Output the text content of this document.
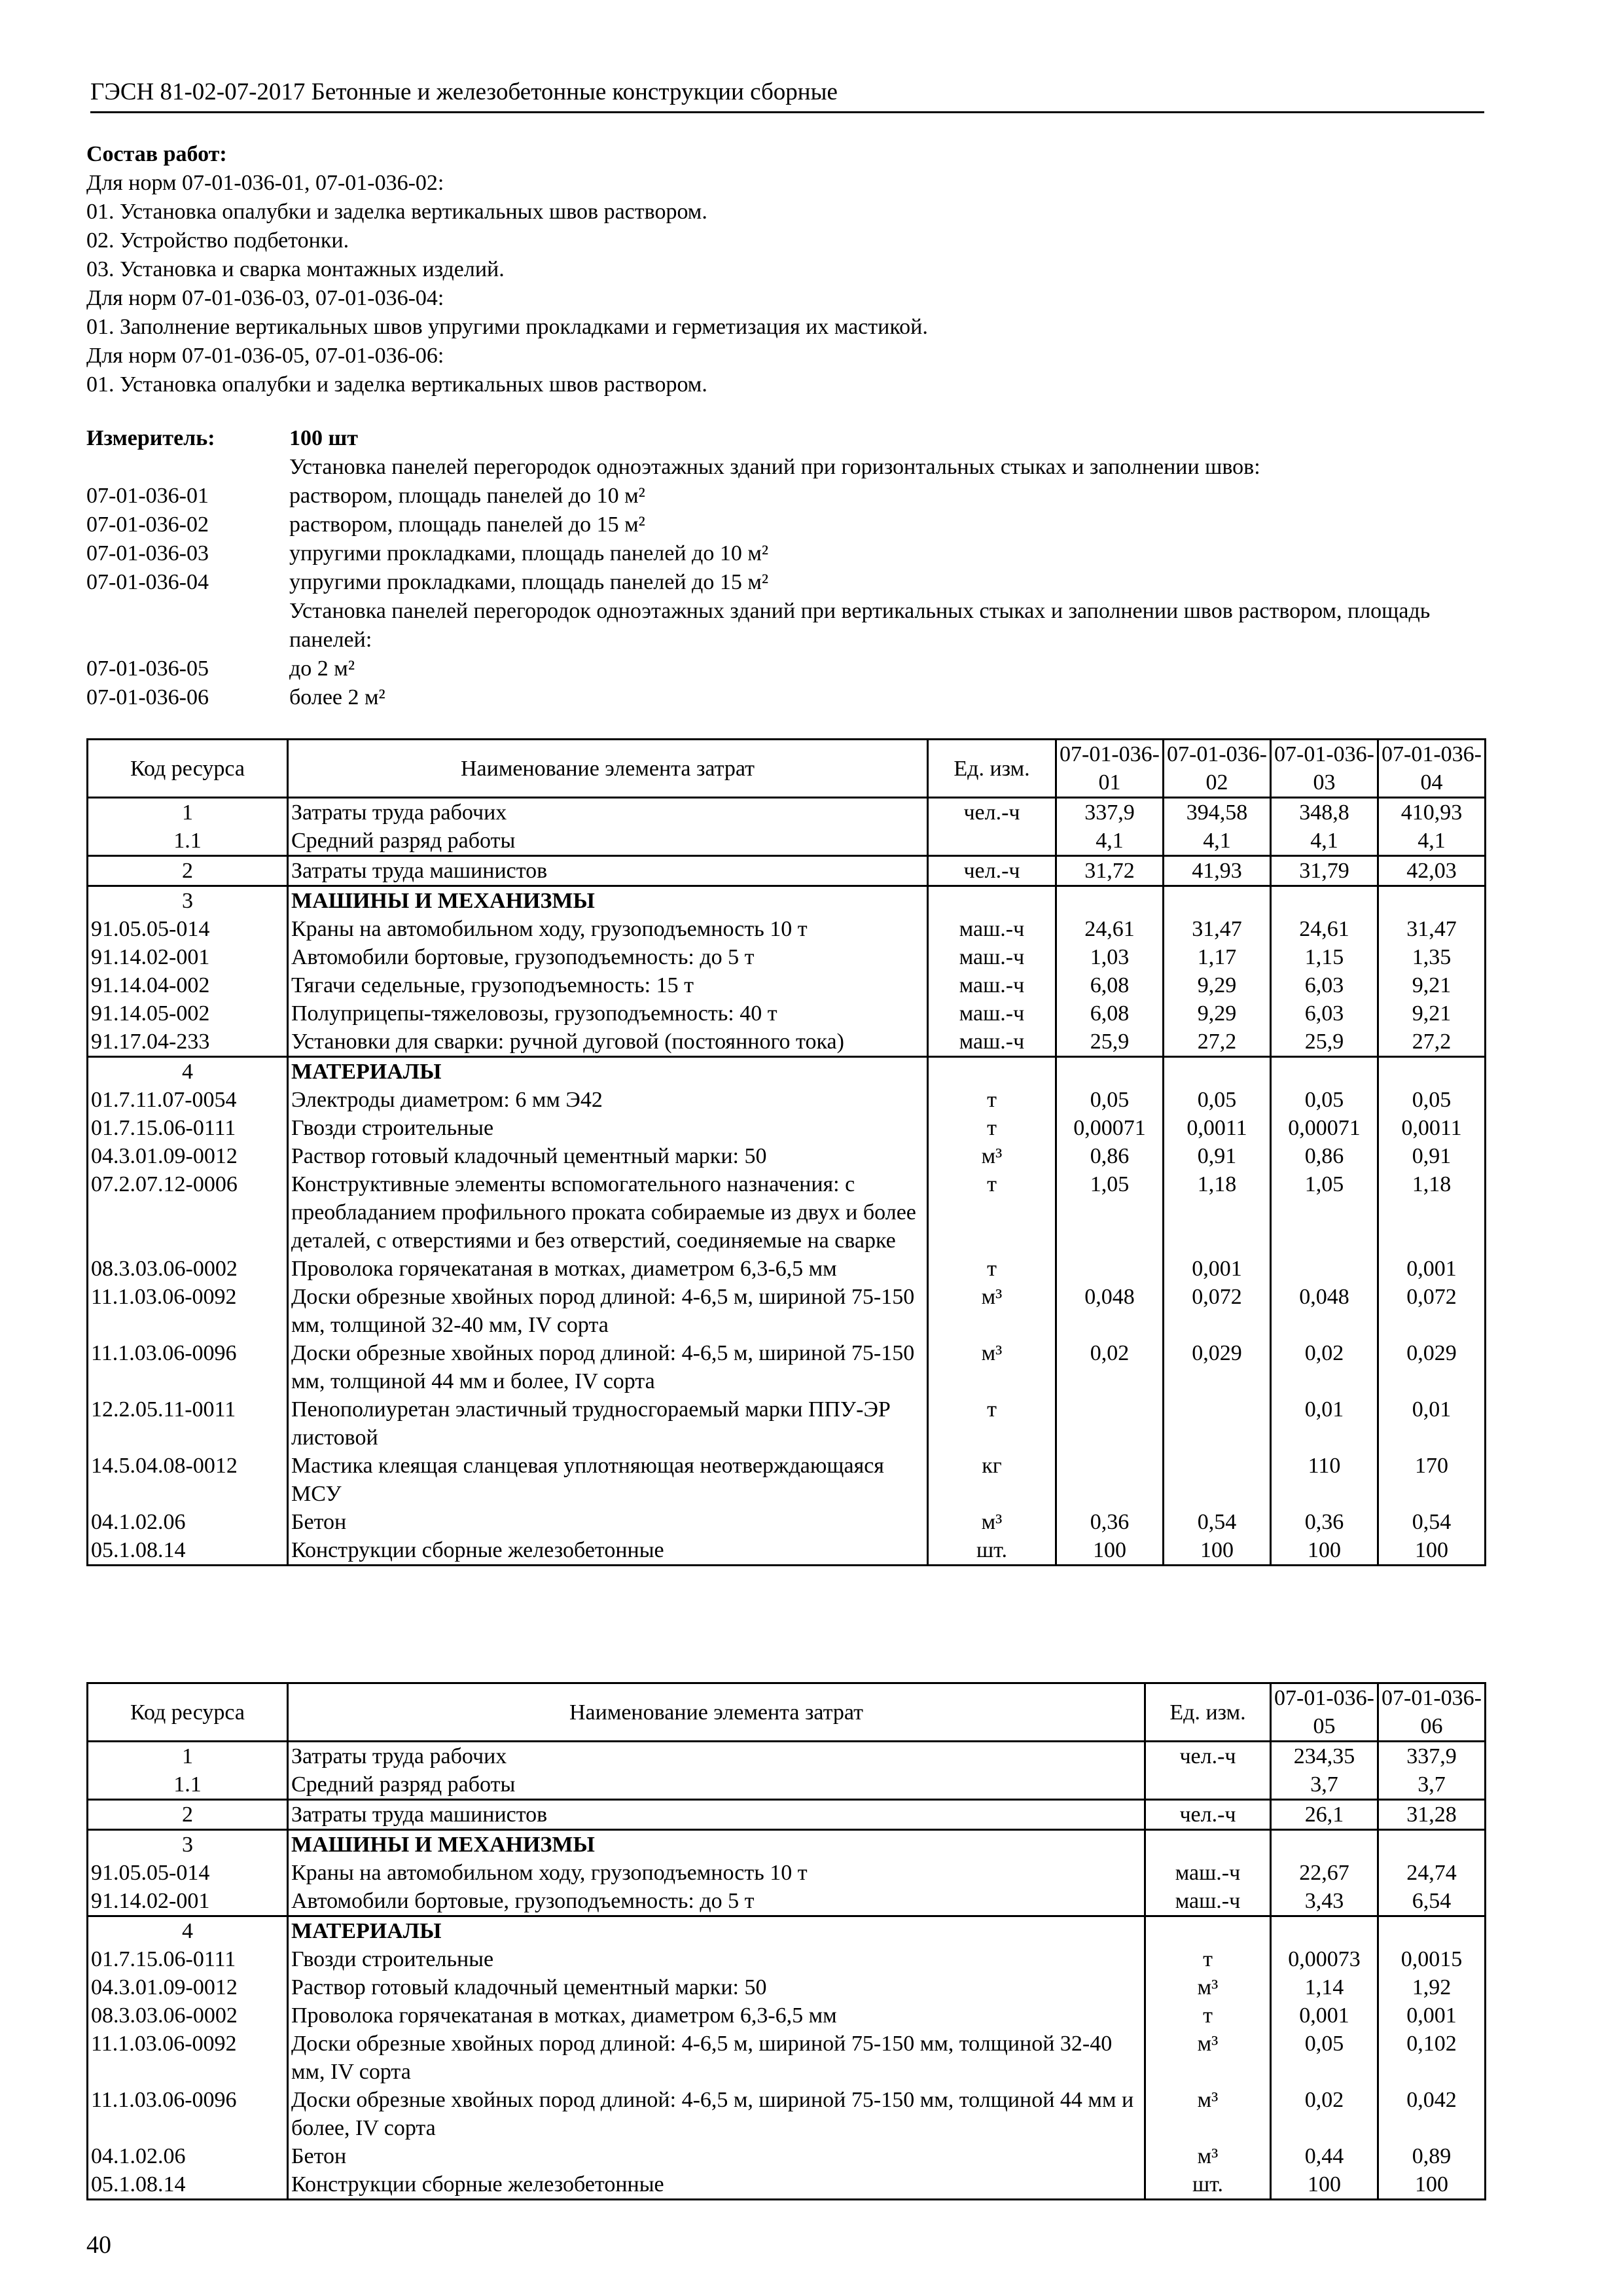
ГЭСН 81-02-07-2017 Бетонные и железобетонные конструкции сборные
Состав работ:
Для норм 07-01-036-01, 07-01-036-02:
01. Установка опалубки и заделка вертикальных швов раствором.
02. Устройство подбетонки.
03. Установка и сварка монтажных изделий.
Для норм 07-01-036-03, 07-01-036-04:
01. Заполнение вертикальных швов упругими прокладками и герметизация их мастикой.
Для норм 07-01-036-05, 07-01-036-06:
01. Установка опалубки и заделка вертикальных швов раствором.
Измеритель:	100 шт
Установка панелей перегородок одноэтажных зданий при горизонтальных стыках и заполнении швов:
07-01-036-01	раствором, площадь панелей до 10 м²
07-01-036-02	раствором, площадь панелей до 15 м²
07-01-036-03	упругими прокладками, площадь панелей до 10 м²
07-01-036-04	упругими прокладками, площадь панелей до 15 м²
Установка панелей перегородок одноэтажных зданий при вертикальных стыках и заполнении швов раствором, площадь панелей:
07-01-036-05	до 2 м²
07-01-036-06	более 2 м²
Код ресурса	Наименование элемента затрат	Ед. изм.	07-01-036-01	07-01-036-02	07-01-036-03	07-01-036-04
1	Затраты труда рабочих	чел.-ч	337,9	394,58	348,8	410,93
1.1	Средний разряд работы		4,1	4,1	4,1	4,1
2	Затраты труда машинистов	чел.-ч	31,72	41,93	31,79	42,03
3	МАШИНЫ И МЕХАНИЗМЫ					
91.05.05-014	Краны на автомобильном ходу, грузоподъемность 10 т	маш.-ч	24,61	31,47	24,61	31,47
91.14.02-001	Автомобили бортовые, грузоподъемность: до 5 т	маш.-ч	1,03	1,17	1,15	1,35
91.14.04-002	Тягачи седельные, грузоподъемность: 15 т	маш.-ч	6,08	9,29	6,03	9,21
91.14.05-002	Полуприцепы-тяжеловозы, грузоподъемность: 40 т	маш.-ч	6,08	9,29	6,03	9,21
91.17.04-233	Установки для сварки: ручной дуговой (постоянного тока)	маш.-ч	25,9	27,2	25,9	27,2
4	МАТЕРИАЛЫ					
01.7.11.07-0054	Электроды диаметром: 6 мм Э42	т	0,05	0,05	0,05	0,05
01.7.15.06-0111	Гвозди строительные	т	0,00071	0,0011	0,00071	0,0011
04.3.01.09-0012	Раствор готовый кладочный цементный марки: 50	м³	0,86	0,91	0,86	0,91
07.2.07.12-0006	Конструктивные элементы вспомогательного назначения: с преобладанием профильного проката собираемые из двух и более деталей, с отверстиями и без отверстий, соединяемые на сварке	т	1,05	1,18	1,05	1,18
08.3.03.06-0002	Проволока горячекатаная в мотках, диаметром 6,3-6,5 мм	т		0,001		0,001
11.1.03.06-0092	Доски обрезные хвойных пород длиной: 4-6,5 м, шириной 75-150 мм, толщиной 32-40 мм, IV сорта	м³	0,048	0,072	0,048	0,072
11.1.03.06-0096	Доски обрезные хвойных пород длиной: 4-6,5 м, шириной 75-150 мм, толщиной 44 мм и более, IV сорта	м³	0,02	0,029	0,02	0,029
12.2.05.11-0011	Пенополиуретан эластичный трудносгораемый марки ППУ-ЭР листовой	т			0,01	0,01
14.5.04.08-0012	Мастика клеящая сланцевая уплотняющая неотверждающаяся МСУ	кг			110	170
04.1.02.06	Бетон	м³	0,36	0,54	0,36	0,54
05.1.08.14	Конструкции сборные железобетонные	шт.	100	100	100	100
Код ресурса	Наименование элемента затрат	Ед. изм.	07-01-036-05	07-01-036-06
1	Затраты труда рабочих	чел.-ч	234,35	337,9
1.1	Средний разряд работы		3,7	3,7
2	Затраты труда машинистов	чел.-ч	26,1	31,28
3	МАШИНЫ И МЕХАНИЗМЫ			
91.05.05-014	Краны на автомобильном ходу, грузоподъемность 10 т	маш.-ч	22,67	24,74
91.14.02-001	Автомобили бортовые, грузоподъемность: до 5 т	маш.-ч	3,43	6,54
4	МАТЕРИАЛЫ			
01.7.15.06-0111	Гвозди строительные	т	0,00073	0,0015
04.3.01.09-0012	Раствор готовый кладочный цементный марки: 50	м³	1,14	1,92
08.3.03.06-0002	Проволока горячекатаная в мотках, диаметром 6,3-6,5 мм	т	0,001	0,001
11.1.03.06-0092	Доски обрезные хвойных пород длиной: 4-6,5 м, шириной 75-150 мм, толщиной 32-40 мм, IV сорта	м³	0,05	0,102
11.1.03.06-0096	Доски обрезные хвойных пород длиной: 4-6,5 м, шириной 75-150 мм, толщиной 44 мм и более, IV сорта	м³	0,02	0,042
04.1.02.06	Бетон	м³	0,44	0,89
05.1.08.14	Конструкции сборные железобетонные	шт.	100	100
40
